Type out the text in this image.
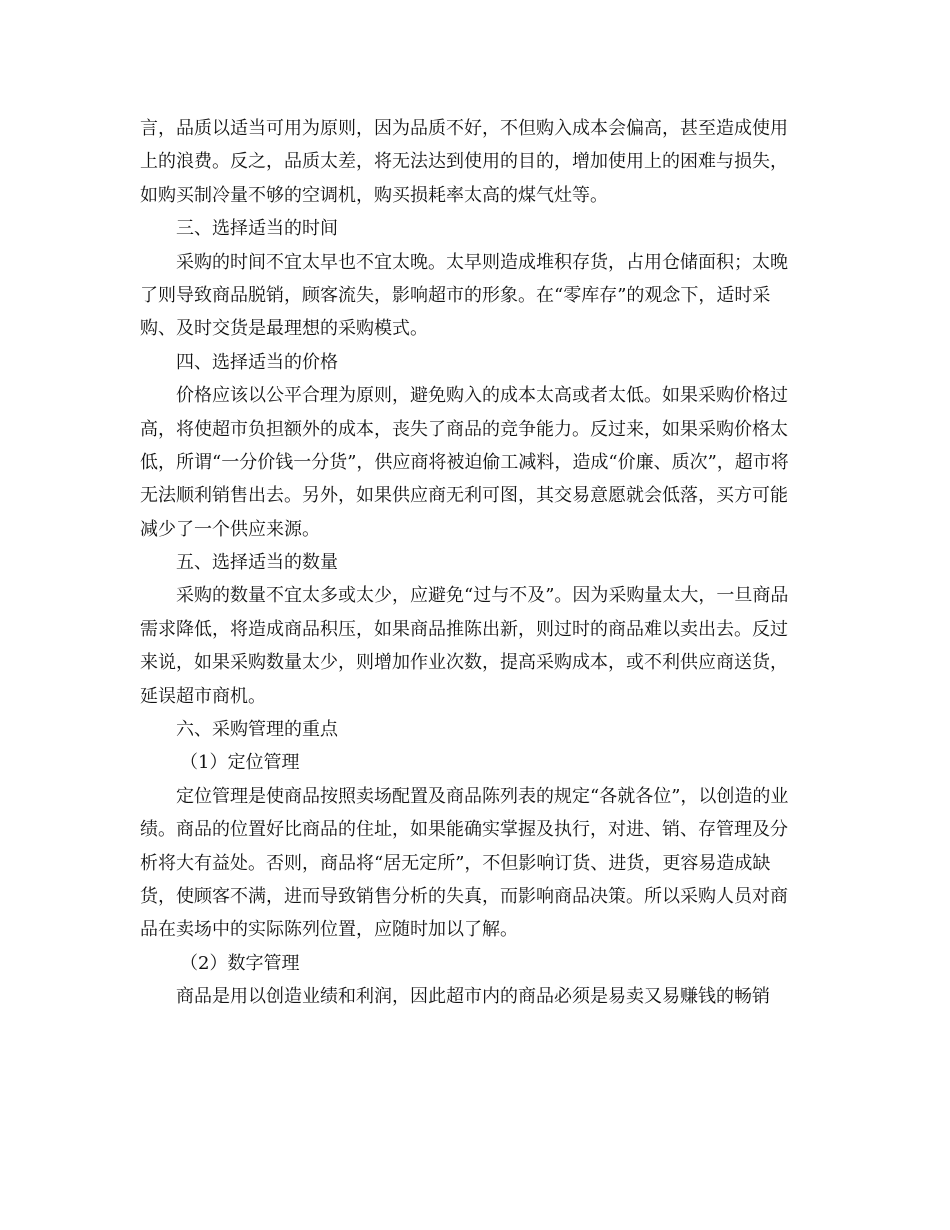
言，品质以适当可用为原则，因为品质不好，不但购入成本会偏高，甚至造成使用

上的浪费。反之，品质太差，将无法达到使用的目的，增加使用上的困难与损失，

如购买制冷量不够的空调机，购买损耗率太高的煤气灶等。

三、选择适当的时间

采购的时间不宜太早也不宜太晚。太早则造成堆积存货，占用仓储面积；太晚

了则导致商品脱销，顾客流失，影响超市的形象。在“零库存”的观念下，适时采

购、及时交货是最理想的采购模式。

四、选择适当的价格

价格应该以公平合理为原则，避免购入的成本太高或者太低。如果采购价格过

高，将使超市负担额外的成本，丧失了商品的竞争能力。反过来，如果采购价格太

低，所谓“一分价钱一分货”，供应商将被迫偷工减料，造成“价廉、质次”，超市将

无法顺利销售出去。另外，如果供应商无利可图，其交易意愿就会低落，买方可能

减少了一个供应来源。

五、选择适当的数量

采购的数量不宜太多或太少，应避免“过与不及”。因为采购量太大，一旦商品

需求降低，将造成商品积压，如果商品推陈出新，则过时的商品难以卖出去。反过

来说，如果采购数量太少，则增加作业次数，提高采购成本，或不利供应商送货，

延误超市商机。

六、采购管理的重点

（1）定位管理

定位管理是使商品按照卖场配置及商品陈列表的规定“各就各位”，以创造的业

绩。商品的位置好比商品的住址，如果能确实掌握及执行，对进、销、存管理及分

析将大有益处。否则，商品将“居无定所”，不但影响订货、进货，更容易造成缺

货，使顾客不满，进而导致销售分析的失真，而影响商品决策。所以采购人员对商

品在卖场中的实际陈列位置，应随时加以了解。

（2）数字管理

商品是用以创造业绩和利润，因此超市内的商品必须是易卖又易赚钱的畅销
